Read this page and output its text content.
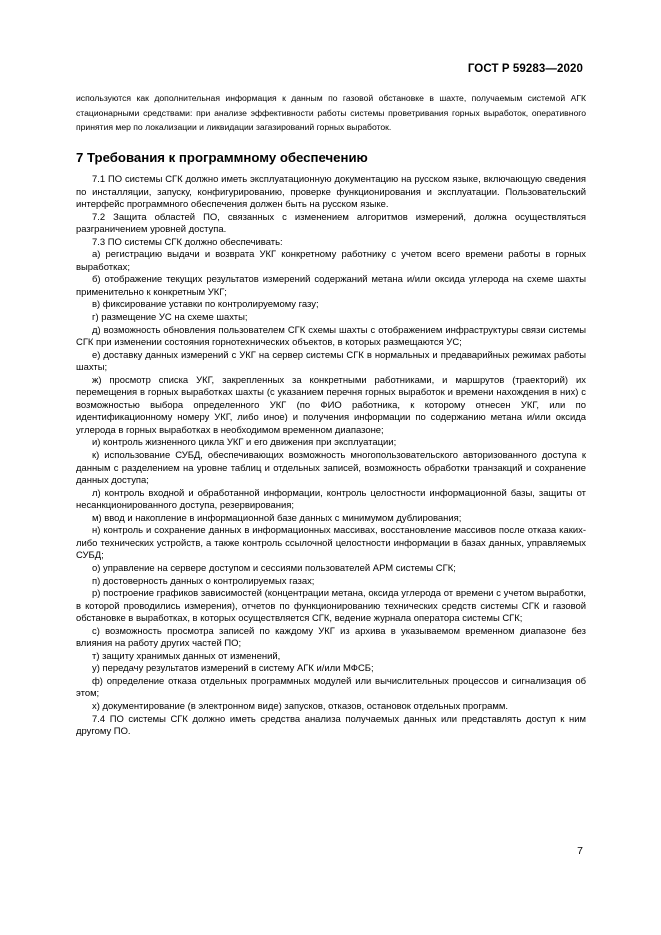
ГОСТ Р 59283—2020

используются как дополнительная информация к данным по газовой обстановке в шахте, получаемым системой АГК стационарными средствами: при анализе эффективности работы системы проветривания горных выработок, оперативного принятия мер по локализации и ликвидации загазирований горных выработок.

7 Требования к программному обеспечению

7.1 ПО системы СГК должно иметь эксплуатационную документацию на русском языке, включающую сведения по инсталляции, запуску, конфигурированию, проверке функционирования и эксплуатации. Пользовательский интерфейс программного обеспечения должен быть на русском языке.

7.2 Защита областей ПО, связанных с изменением алгоритмов измерений, должна осуществляться разграничением уровней доступа.

7.3 ПО системы СГК должно обеспечивать:

а) регистрацию выдачи и возврата УКГ конкретному работнику с учетом всего времени работы в горных выработках;

б) отображение текущих результатов измерений содержаний метана и/или оксида углерода на схеме шахты применительно к конкретным УКГ;

в) фиксирование уставки по контролируемому газу;

г) размещение УС на схеме шахты;

д) возможность обновления пользователем СГК схемы шахты с отображением инфраструктуры связи системы СГК при изменении состояния горнотехнических объектов, в которых размещаются УС;

е) доставку данных измерений с УКГ на сервер системы СГК в нормальных и предаварийных режимах работы шахты;

ж) просмотр списка УКГ, закрепленных за конкретными работниками, и маршрутов (траекторий) их перемещения в горных выработках шахты (с указанием перечня горных выработок и времени нахождения в них) с возможностью выбора определенного УКГ (по ФИО работника, к которому отнесен УКГ, или по идентификационному номеру УКГ, либо иное) и получения информации по содержанию метана и/или оксида углерода в горных выработках в необходимом временном диапазоне;

и) контроль жизненного цикла УКГ и его движения при эксплуатации;

к) использование СУБД, обеспечивающих возможность многопользовательского авторизованного доступа к данным с разделением на уровне таблиц и отдельных записей, возможность обработки транзакций и сохранение данных доступа;

л) контроль входной и обработанной информации, контроль целостности информационной базы, защиты от несанкционированного доступа, резервирования;

м) ввод и накопление в информационной базе данных с минимумом дублирования;

н) контроль и сохранение данных в информационных массивах, восстановление массивов после отказа каких-либо технических устройств, а также контроль ссылочной целостности информации в базах данных, управляемых СУБД;

о) управление на сервере доступом и сессиями пользователей АРМ системы СГК;

п) достоверность данных о контролируемых газах;

р) построение графиков зависимостей (концентрации метана, оксида углерода от времени с учетом выработки, в которой проводились измерения), отчетов по функционированию технических средств системы СГК и газовой обстановке в выработках, в которых осуществляется СГК, ведение журнала оператора системы СГК;

с) возможность просмотра записей по каждому УКГ из архива в указываемом временном диапазоне без влияния на работу других частей ПО;

т) защиту хранимых данных от изменений,

у) передачу результатов измерений в систему АГК и/или МФСБ;

ф) определение отказа отдельных программных модулей или вычислительных процессов и сигнализация об этом;

х) документирование (в электронном виде) запусков, отказов, остановок отдельных программ.

7.4 ПО системы СГК должно иметь средства анализа получаемых данных или представлять доступ к ним другому ПО.

7
